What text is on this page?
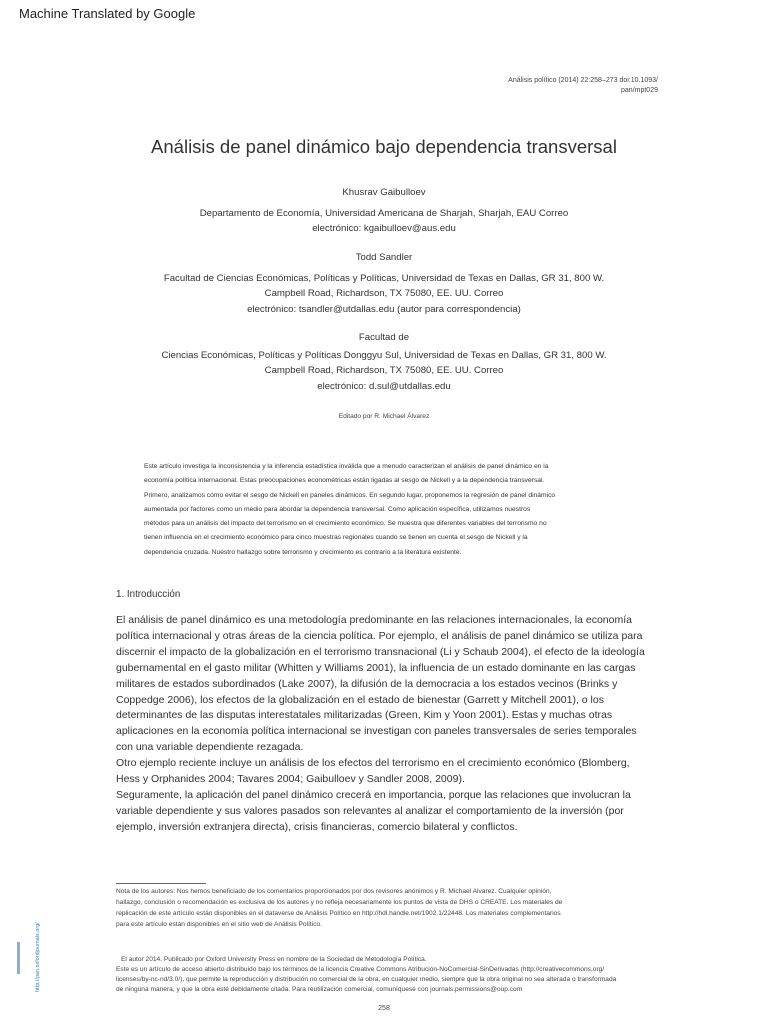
Machine Translated by Google
Análisis político (2014) 22:258–273 doi:10.1093/
pan/mpt029
Análisis de panel dinámico bajo dependencia transversal
Khusrav Gaibulloev
Departamento de Economía, Universidad Americana de Sharjah, Sharjah, EAU Correo
electrónico: kgaibulloev@aus.edu
Todd Sandler
Facultad de Ciencias Económicas, Políticas y Políticas, Universidad de Texas en Dallas, GR 31, 800 W.
Campbell Road, Richardson, TX 75080, EE. UU. Correo
electrónico: tsandler@utdallas.edu (autor para correspondencia)
Facultad de
Ciencias Económicas, Políticas y Políticas Donggyu Sul, Universidad de Texas en Dallas, GR 31, 800 W.
Campbell Road, Richardson, TX 75080, EE. UU. Correo
electrónico: d.sul@utdallas.edu
Editado por R. Michael Álvarez
Este artículo investiga la inconsistencia y la inferencia estadística inválida que a menudo caracterizan el análisis de panel dinámico en la
economía política internacional. Estas preocupaciones econométricas están ligadas al sesgo de Nickell y a la dependencia transversal.
Primero, analizamos cómo evitar el sesgo de Nickell en paneles dinámicos. En segundo lugar, proponemos la regresión de panel dinámico
aumentada por factores como un medio para abordar la dependencia transversal. Como aplicación específica, utilizamos nuestros
métodos para un análisis del impacto del terrorismo en el crecimiento económico. Se muestra que diferentes variables del terrorismo no
tienen influencia en el crecimiento económico para cinco muestras regionales cuando se tienen en cuenta el sesgo de Nickell y la
dependencia cruzada. Nuestro hallazgo sobre terrorismo y crecimiento es contrario a la literatura existente.
1. Introducción

El análisis de panel dinámico es una metodología predominante en las relaciones internacionales, la economía política internacional y otras áreas de la ciencia política. Por ejemplo, el análisis de panel dinámico se utiliza para discernir el impacto de la globalización en el terrorismo transnacional (Li y Schaub 2004), el efecto de la ideología gubernamental en el gasto militar (Whitten y Williams 2001), la influencia de un estado dominante en las cargas militares de estados subordinados (Lake 2007), la difusión de la democracia a los estados vecinos (Brinks y Coppedge 2006), los efectos de la globalización en el estado de bienestar (Garrett y Mitchell 2001), o los determinantes de las disputas interestatales militarizadas (Green, Kim y Yoon 2001). Estas y muchas otras aplicaciones en la economía política internacional se investigan con paneles transversales de series temporales con una variable dependiente rezagada.

Otro ejemplo reciente incluye un análisis de los efectos del terrorismo en el crecimiento económico (Blomberg, Hess y Orphanides 2004; Tavares 2004; Gaibulloev y Sandler 2008, 2009).

Seguramente, la aplicación del panel dinámico crecerá en importancia, porque las relaciones que involucran la variable dependiente y sus valores pasados son relevantes al analizar el comportamiento de la inversión (por ejemplo, inversión extranjera directa), crisis financieras, comercio bilateral y conflictos.

Nota de los autores: Nos hemos beneficiado de los comentarios proporcionados por dos revisores anónimos y R. Michael Alvarez. Cualquier opinión,
hallazgo, conclusión o recomendación es exclusiva de los autores y no refleja necesariamente los puntos de vista de DHS o CREATE. Los materiales de
replicación de este artículo están disponibles en el dataverse de Análisis Político en http://hdl.handle.net/1902.1/22448. Los materiales complementarios
para este artículo están disponibles en el sitio web de Análisis Político.
El autor 2014. Publicado por Oxford University Press en nombre de la Sociedad de Metodología Política.
Este es un artículo de acceso abierto distribuido bajo los términos de la licencia Creative Commons Atribución-NoComercial-SinDerivadas (http://creativecommons.org/
licenses/by-nc-nd/3.0/), que permite la reproducción y distribución no comercial de la obra, en cualquier medio, siempre que la obra original no sea alterada o transformada
de ninguna manera, y que la obra esté debidamente citada. Para reutilización comercial, comuníquese con journals.permissions@oup.com
http://pan.oxfordjournals.org/
258
